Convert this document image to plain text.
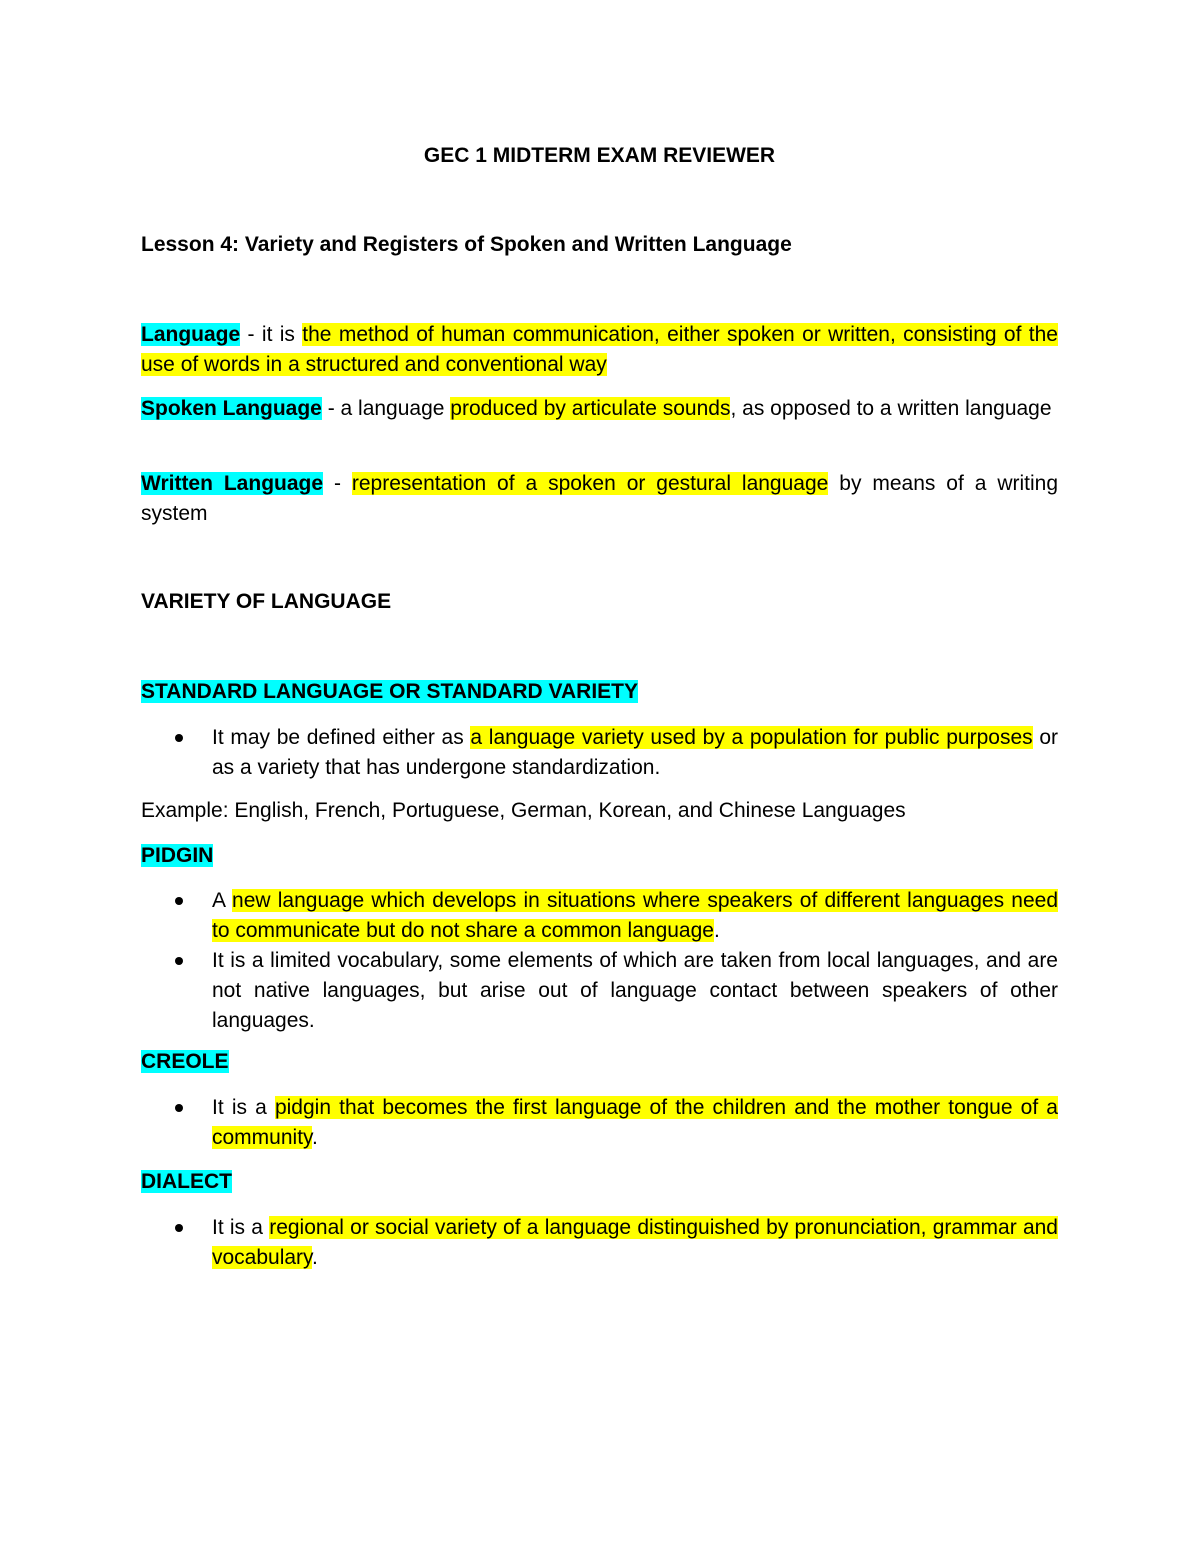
GEC 1 MIDTERM EXAM REVIEWER
Lesson 4: Variety and Registers of Spoken and Written Language
Language - it is the method of human communication, either spoken or written, consisting of the use of words in a structured and conventional way
Spoken Language - a language produced by articulate sounds, as opposed to a written language
Written Language - representation of a spoken or gestural language by means of a writing system
VARIETY OF LANGUAGE
STANDARD LANGUAGE OR STANDARD VARIETY
It may be defined either as a language variety used by a population for public purposes or as a variety that has undergone standardization.
Example: English, French, Portuguese, German, Korean, and Chinese Languages
PIDGIN
A new language which develops in situations where speakers of different languages need to communicate but do not share a common language.
It is a limited vocabulary, some elements of which are taken from local languages, and are not native languages, but arise out of language contact between speakers of other languages.
CREOLE
It is a pidgin that becomes the first language of the children and the mother tongue of a community.
DIALECT
It is a regional or social variety of a language distinguished by pronunciation, grammar and vocabulary.
